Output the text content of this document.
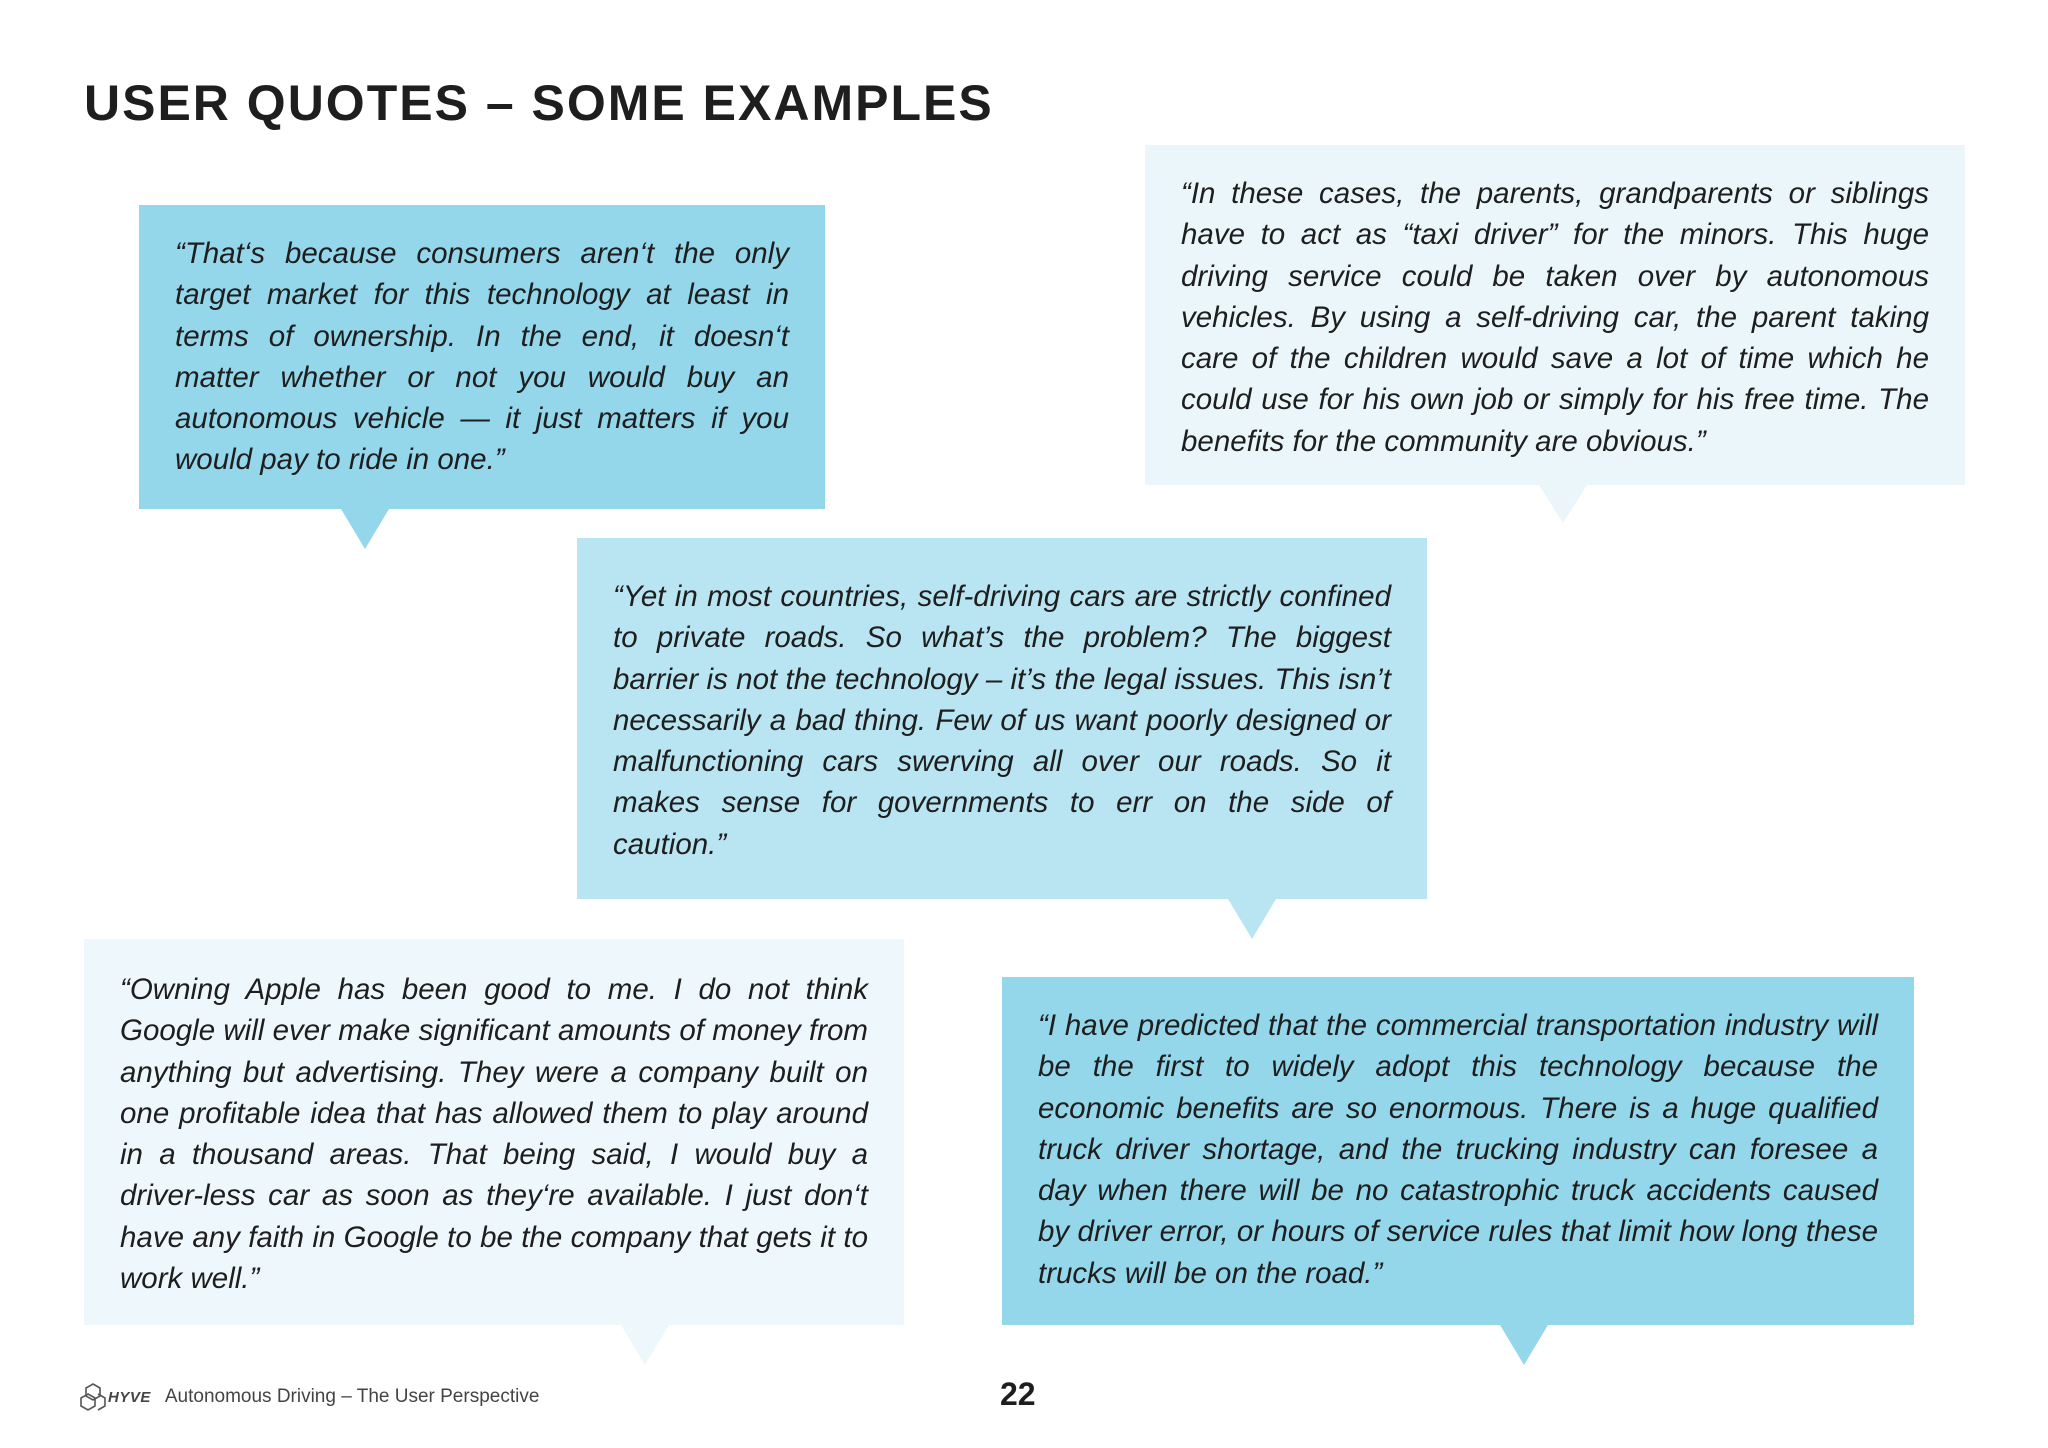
USER QUOTES – SOME EXAMPLES

“That‘s because consumers aren‘t the only target market for this technology at least in terms of ownership. In the end, it doesn‘t matter whether or not you would buy an autonomous vehicle — it just matters if you would pay to ride in one.”

“In these cases, the parents, grandparents or siblings have to act as “taxi driver” for the minors. This huge driving service could be taken over by autonomous vehicles. By using a self-driving car, the parent taking care of the children would save a lot of time which he could use for his own job or simply for his free time. The benefits for the community are obvious.”

“Yet in most countries, self-driving cars are strictly confined to private roads. So what’s the problem? The biggest barrier is not the technology – it’s the legal issues. This isn’t necessarily a bad thing. Few of us want poorly designed or malfunctioning cars swerving all over our roads. So it makes sense for governments to err on the side of caution.”

“Owning Apple has been good to me. I do not think Google will ever make significant amounts of money from anything but advertising. They were a company built on one profitable idea that has allowed them to play around in a thousand areas. That being said, I would buy a driver-less car as soon as they‘re available. I just don‘t have any faith in Google to be the company that gets it to work well.”

“I have predicted that the commercial transportation industry will be the first to widely adopt this technology because the economic benefits are so enormous. There is a huge qualified truck driver shortage, and the trucking industry can foresee a day when there will be no catastrophic truck accidents caused by driver error, or hours of service rules that limit how long these trucks will be on the road.”

HYVE Autonomous Driving – The User Perspective	22
